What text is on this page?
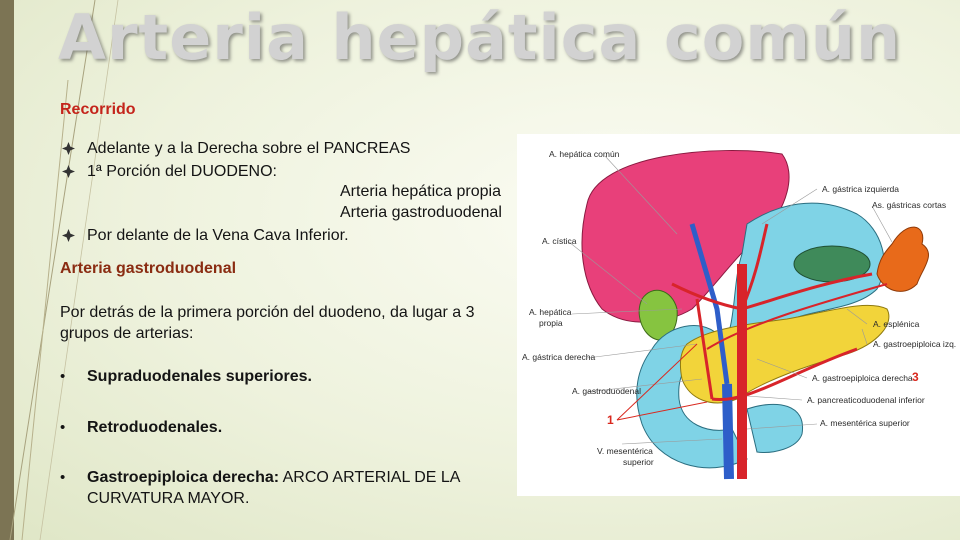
Arteria hepática común

Recorrido

Adelante y a la Derecha sobre el PANCREAS
1ª Porción del DUODENO:
Arteria hepática propia
Arteria gastroduodenal
Por delante de la Vena Cava Inferior.

Arteria gastroduodenal

Por detrás de la primera porción del duodeno, da lugar a 3 grupos de arterias:

• Supraduodenales superiores.
• Retroduodenales.
• Gastroepiploica derecha: ARCO ARTERIAL DE LA CURVATURA MAYOR.
A. hepática común
A. gástrica izquierda
As. gástricas cortas
A. cística
A. hepática
propia	A. esplénica
A. gastroepiploica izq.
A. gástrica derecha
A. gastroepiploica derecha 3
A. gastroduodenal
A. pancreaticoduodenal inferior
1	A. mesentérica superior
V. mesentérica
superior
